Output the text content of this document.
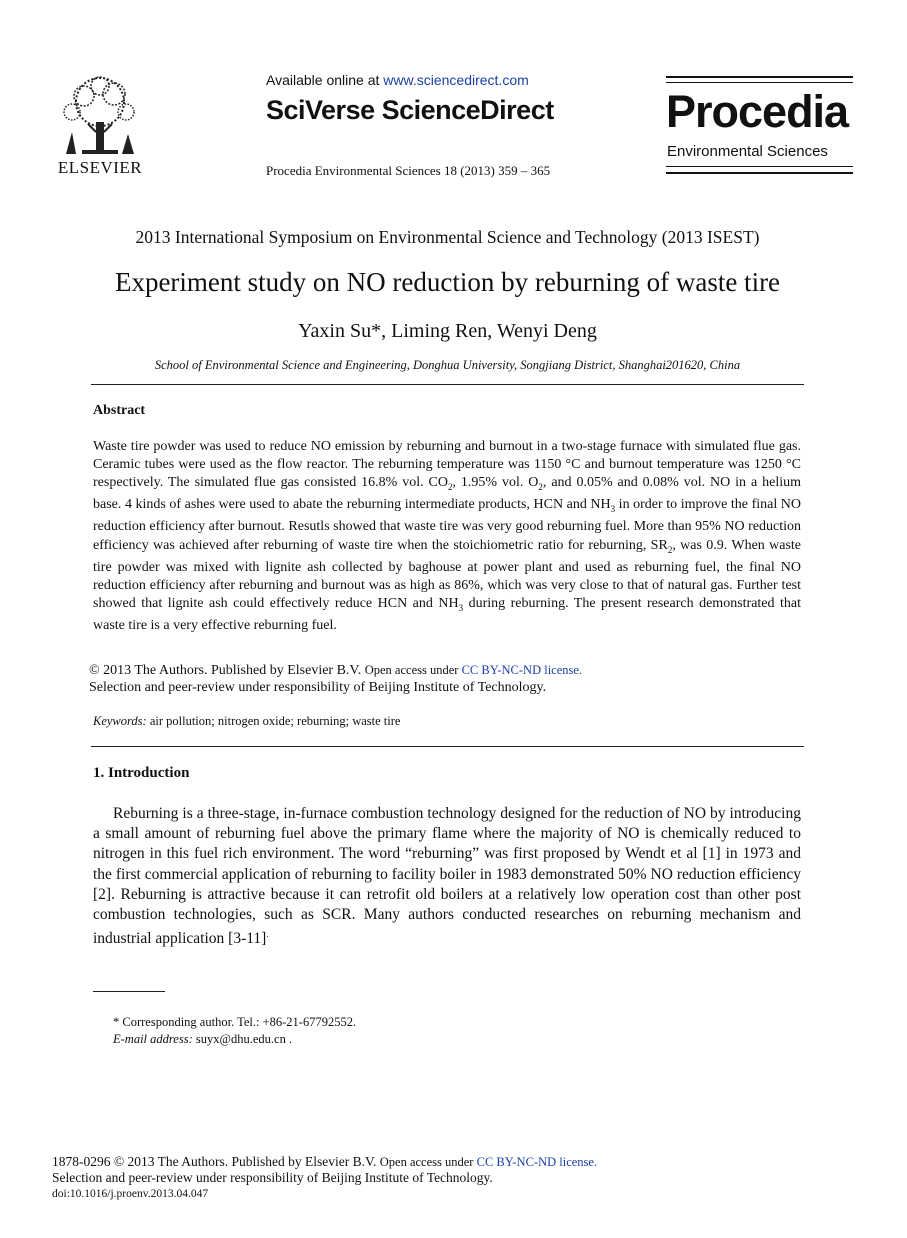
ELSEVIER
Available online at www.sciencedirect.com
SciVerse ScienceDirect
Procedia Environmental Sciences 18 (2013) 359 – 365
Procedia
Environmental Sciences
2013 International Symposium on Environmental Science and Technology (2013 ISEST)
Experiment study on NO reduction by reburning of waste tire
Yaxin Su*, Liming Ren, Wenyi Deng
School of Environmental Science and Engineering, Donghua University, Songjiang District, Shanghai201620, China
Abstract
Waste tire powder was used to reduce NO emission by reburning and burnout in a two-stage furnace with simulated flue gas. Ceramic tubes were used as the flow reactor. The reburning temperature was 1150 °C and burnout temperature was 1250 °C respectively. The simulated flue gas consisted 16.8% vol. $CO_2$, 1.95% vol. $O_2$, and 0.05% and 0.08% vol. NO in a helium base. 4 kinds of ashes were used to abate the reburning intermediate products, HCN and $NH_3$ in order to improve the final NO reduction efficiency after burnout. Resutls showed that waste tire was very good reburning fuel. More than 95% NO reduction efficiency was achieved after reburning of waste tire when the stoichiometric ratio for reburning, $SR_2$, was 0.9. When waste tire powder was mixed with lignite ash collected by baghouse at power plant and used as reburning fuel, the final NO reduction efficiency after reburning and burnout was as high as 86%, which was very close to that of natural gas. Further test showed that lignite ash could effectively reduce HCN and $NH_3$ during reburning. The present research demonstrated that waste tire is a very effective reburning fuel.
© 2013 The Authors. Published by Elsevier B.V. Open access under CC BY-NC-ND license.
Selection and peer-review under responsibility of Beijing Institute of Technology.
Keywords: air pollution; nitrogen oxide; reburning; waste tire
1. Introduction
Reburning is a three-stage, in-furnace combustion technology designed for the reduction of NO by introducing a small amount of reburning fuel above the primary flame where the majority of NO is chemically reduced to nitrogen in this fuel rich environment. The word “reburning” was first proposed by Wendt et al [1] in 1973 and the first commercial application of reburning to facility boiler in 1983 demonstrated 50% NO reduction efficiency [2]. Reburning is attractive because it can retrofit old boilers at a relatively low operation cost than other post combustion technologies, such as SCR. Many authors conducted researches on reburning mechanism and industrial application [3-11].
* Corresponding author. Tel.: +86-21-67792552.
E-mail address: suyx@dhu.edu.cn .
1878-0296 © 2013 The Authors. Published by Elsevier B.V. Open access under CC BY-NC-ND license.
Selection and peer-review under responsibility of Beijing Institute of Technology.
doi:10.1016/j.proenv.2013.04.047
